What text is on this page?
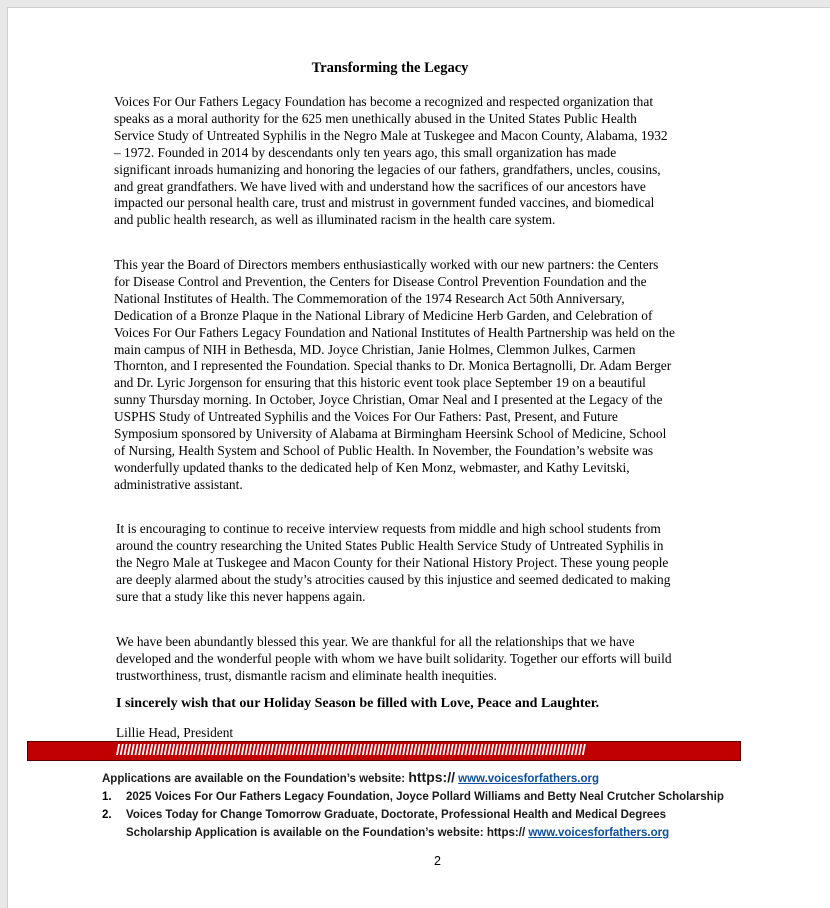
Transforming the Legacy
Voices For Our Fathers Legacy Foundation has become a recognized and respected organization that speaks as a moral authority for the 625 men unethically abused in the United States Public Health Service Study of Untreated Syphilis in the Negro Male at Tuskegee and Macon County, Alabama, 1932 – 1972. Founded in 2014 by descendants only ten years ago, this small organization has made significant inroads humanizing and honoring the legacies of our fathers, grandfathers, uncles, cousins, and great grandfathers. We have lived with and understand how the sacrifices of our ancestors have impacted our personal health care, trust and mistrust in government funded vaccines, and biomedical and public health research, as well as illuminated racism in the health care system.
This year the Board of Directors members enthusiastically worked with our new partners: the Centers for Disease Control and Prevention, the Centers for Disease Control Prevention Foundation and the National Institutes of Health. The Commemoration of the 1974 Research Act 50th Anniversary, Dedication of a Bronze Plaque in the National Library of Medicine Herb Garden, and Celebration of Voices For Our Fathers Legacy Foundation and National Institutes of Health Partnership was held on the main campus of NIH in Bethesda, MD. Joyce Christian, Janie Holmes, Clemmon Julkes, Carmen Thornton, and I represented the Foundation. Special thanks to Dr. Monica Bertagnolli, Dr. Adam Berger and Dr. Lyric Jorgenson for ensuring that this historic event took place September 19 on a beautiful sunny Thursday morning. In October, Joyce Christian, Omar Neal and I presented at the Legacy of the USPHS Study of Untreated Syphilis and the Voices For Our Fathers: Past, Present, and Future Symposium sponsored by University of Alabama at Birmingham Heersink School of Medicine, School of Nursing, Health System and School of Public Health. In November, the Foundation’s website was wonderfully updated thanks to the dedicated help of Ken Monz, webmaster, and Kathy Levitski, administrative assistant.
It is encouraging to continue to receive interview requests from middle and high school students from around the country researching the United States Public Health Service Study of Untreated Syphilis in the Negro Male at Tuskegee and Macon County for their National History Project. These young people are deeply alarmed about the study’s atrocities caused by this injustice and seemed dedicated to making sure that a study like this never happens again.
We have been abundantly blessed this year. We are thankful for all the relationships that we have developed and the wonderful people with whom we have built solidarity. Together our efforts will build trustworthiness, trust, dismantle racism and eliminate health inequities.
I sincerely wish that our Holiday Season be filled with Love, Peace and Laughter.
Lillie Head, President
////////////////////////////////////////////////////////////////////////////////////////////////////////////////////////////////
Applications are available on the Foundation’s website: https:// www.voicesforfathers.org
1. 2025 Voices For Our Fathers Legacy Foundation, Joyce Pollard Williams and Betty Neal Crutcher Scholarship
2. Voices Today for Change Tomorrow Graduate, Doctorate, Professional Health and Medical Degrees
Scholarship Application is available on the Foundation’s website: https:// www.voicesforfathers.org
2
